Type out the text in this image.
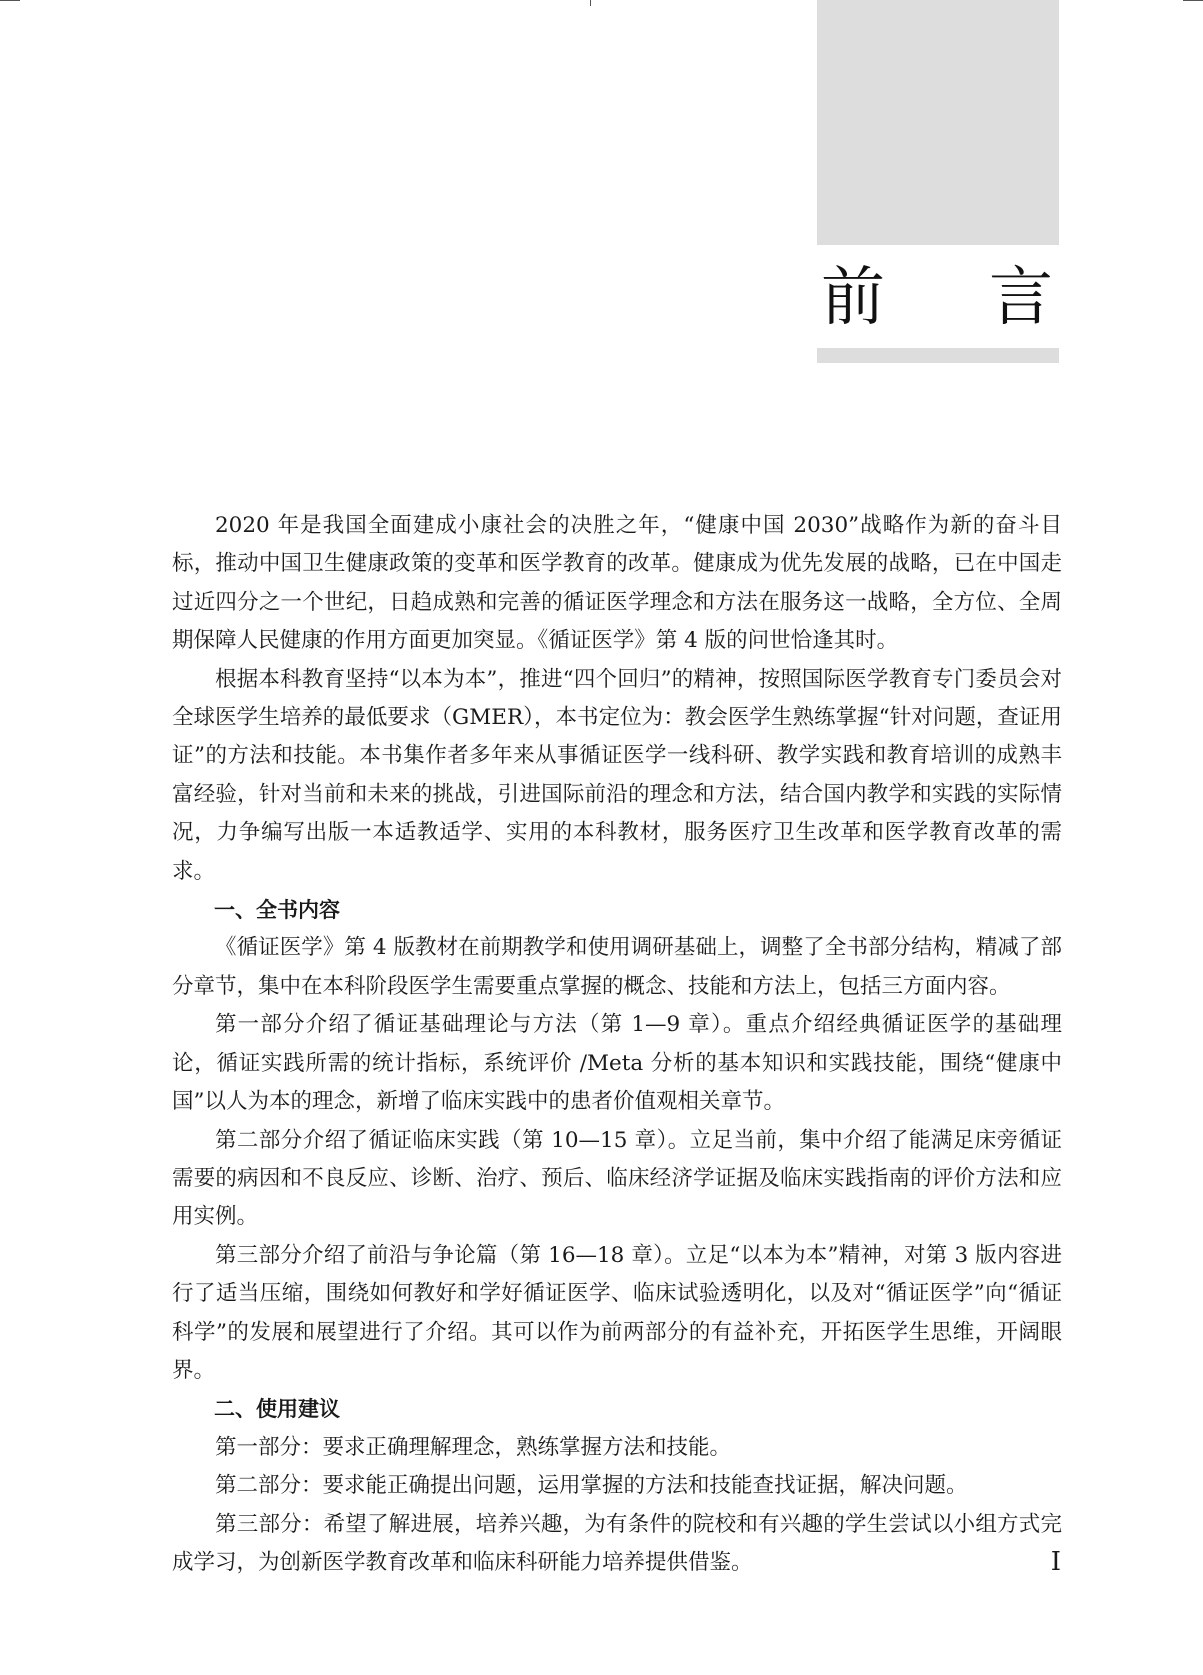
前 言

2020 年是我国全面建成小康社会的决胜之年，“健康中国 2030”战略作为新的奋斗目标，推动中国卫生健康政策的变革和医学教育的改革。健康成为优先发展的战略，已在中国走过近四分之一个世纪，日趋成熟和完善的循证医学理念和方法在服务这一战略，全方位、全周期保障人民健康的作用方面更加突显。《循证医学》第 4 版的问世恰逢其时。

根据本科教育坚持“以本为本”，推进“四个回归”的精神，按照国际医学教育专门委员会对全球医学生培养的最低要求（GMER），本书定位为：教会医学生熟练掌握“针对问题，查证用证”的方法和技能。本书集作者多年来从事循证医学一线科研、教学实践和教育培训的成熟丰富经验，针对当前和未来的挑战，引进国际前沿的理念和方法，结合国内教学和实践的实际情况，力争编写出版一本适教适学、实用的本科教材，服务医疗卫生改革和医学教育改革的需求。

一、全书内容

《循证医学》第 4 版教材在前期教学和使用调研基础上，调整了全书部分结构，精减了部分章节，集中在本科阶段医学生需要重点掌握的概念、技能和方法上，包括三方面内容。

第一部分介绍了循证基础理论与方法（第 1—9 章）。重点介绍经典循证医学的基础理论，循证实践所需的统计指标，系统评价 /Meta 分析的基本知识和实践技能，围绕“健康中国”以人为本的理念，新增了临床实践中的患者价值观相关章节。

第二部分介绍了循证临床实践（第 10—15 章）。立足当前，集中介绍了能满足床旁循证需要的病因和不良反应、诊断、治疗、预后、临床经济学证据及临床实践指南的评价方法和应用实例。

第三部分介绍了前沿与争论篇（第 16—18 章）。立足“以本为本”精神，对第 3 版内容进行了适当压缩，围绕如何教好和学好循证医学、临床试验透明化，以及对“循证医学”向“循证科学”的发展和展望进行了介绍。其可以作为前两部分的有益补充，开拓医学生思维，开阔眼界。

二、使用建议

第一部分：要求正确理解理念，熟练掌握方法和技能。

第二部分：要求能正确提出问题，运用掌握的方法和技能查找证据，解决问题。

第三部分：希望了解进展，培养兴趣，为有条件的院校和有兴趣的学生尝试以小组方式完成学习，为创新医学教育改革和临床科研能力培养提供借鉴。	I
